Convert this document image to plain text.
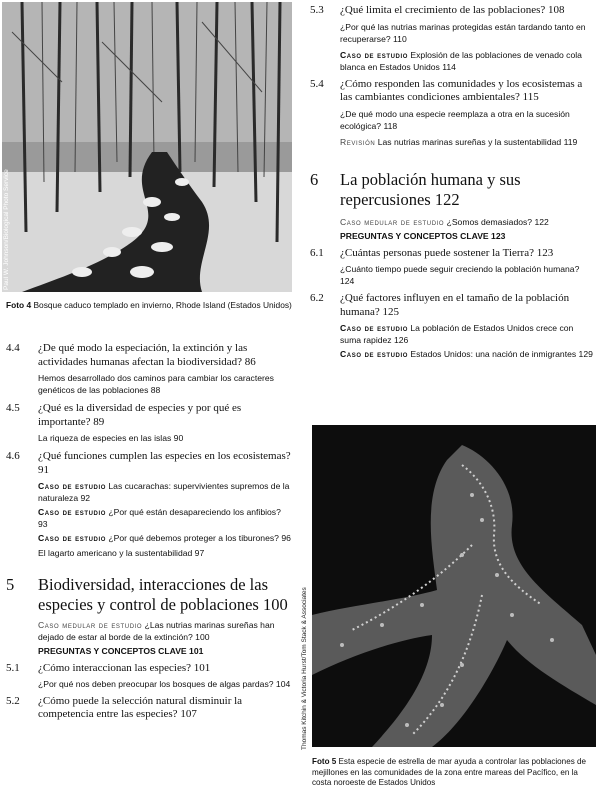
Paul W. Johnson/Biological Photo Service
Foto 4 Bosque caduco templado en invierno, Rhode Island (Estados Unidos)
4.4 ¿De qué modo la especiación, la extinción y las actividades humanas afectan la biodiversidad? 86
Hemos desarrollado dos caminos para cambiar los caracteres genéticos de las poblaciones 88
4.5 ¿Qué es la diversidad de especies y por qué es importante? 89
La riqueza de especies en las islas 90
4.6 ¿Qué funciones cumplen las especies en los ecosistemas? 91
Caso de estudio Las cucarachas: supervivientes supremos de la naturaleza 92
Caso de estudio ¿Por qué están desapareciendo los anfibios? 93
Caso de estudio ¿Por qué debemos proteger a los tiburones? 96
El lagarto americano y la sustentabilidad 97
5 Biodiversidad, interacciones de las especies y control de poblaciones 100
Caso medular de estudio ¿Las nutrias marinas sureñas han dejado de estar al borde de la extinción? 100
PREGUNTAS Y CONCEPTOS CLAVE 101
5.1 ¿Cómo interaccionan las especies? 101
¿Por qué nos deben preocupar los bosques de algas pardas? 104
5.2 ¿Cómo puede la selección natural disminuir la competencia entre las especies? 107
5.3 ¿Qué limita el crecimiento de las poblaciones? 108
¿Por qué las nutrias marinas protegidas están tardando tanto en recuperarse? 110
Caso de estudio Explosión de las poblaciones de venado cola blanca en Estados Unidos 114
5.4 ¿Cómo responden las comunidades y los ecosistemas a las cambiantes condiciones ambientales? 115
¿De qué modo una especie reemplaza a otra en la sucesión ecológica? 118
Revisión Las nutrias marinas sureñas y la sustentabilidad 119
6 La población humana y sus repercusiones 122
Caso medular de estudio ¿Somos demasiados? 122
PREGUNTAS Y CONCEPTOS CLAVE 123
6.1 ¿Cuántas personas puede sostener la Tierra? 123
¿Cuánto tiempo puede seguir creciendo la población humana? 124
6.2 ¿Qué factores influyen en el tamaño de la población humana? 125
Caso de estudio La población de Estados Unidos crece con suma rapidez 126
Caso de estudio Estados Unidos: una nación de inmigrantes 129
Thomas Kitchin & Victoria Hurst/Tom Stack & Associates
Foto 5 Esta especie de estrella de mar ayuda a controlar las poblaciones de mejillones en las comunidades de la zona entre mareas del Pacífico, en la costa noroeste de Estados Unidos
